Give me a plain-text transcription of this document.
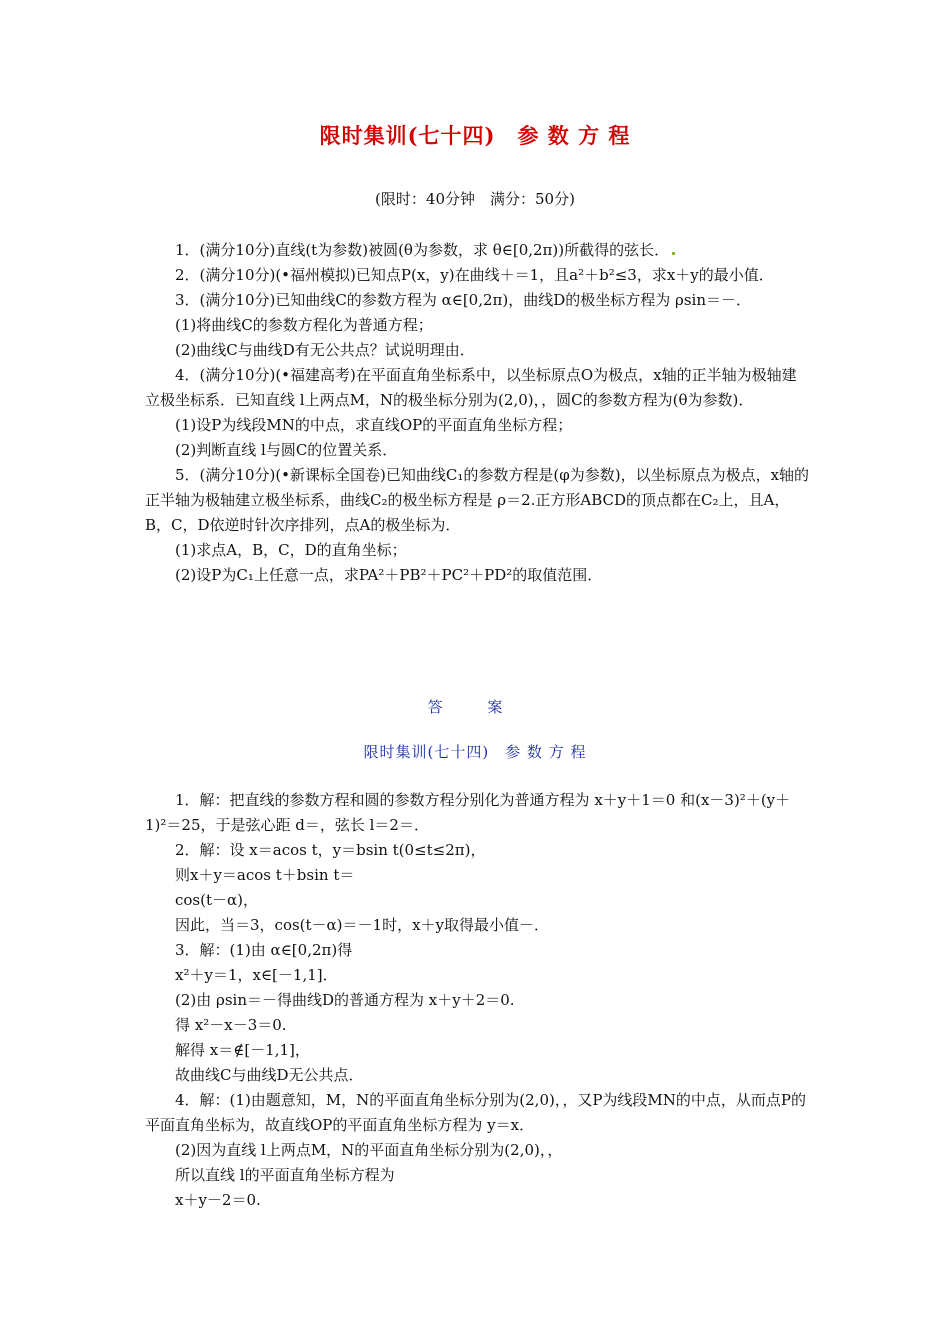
限时集训(七十四)　参 数 方 程
(限时：40分钟　满分：50分)

1．(满分10分)直线(t为参数)被圆(θ为参数，求 θ∈[0,2π))所截得的弦长．

2．(满分10分)(•福州模拟)已知点P(x，y)在曲线＋＝1，且a²＋b²≤3，求x＋y的最小值．

3．(满分10分)已知曲线C的参数方程为 α∈[0,2π)，曲线D的极坐标方程为 ρsin＝－．

(1)将曲线C的参数方程化为普通方程；

(2)曲线C与曲线D有无公共点？试说明理由．

4．(满分10分)(•福建高考)在平面直角坐标系中，以坐标原点O为极点，x轴的正半轴为极轴建立极坐标系．已知直线 l上两点M，N的极坐标分别为(2,0)，，圆C的参数方程为(θ为参数)．

(1)设P为线段MN的中点，求直线OP的平面直角坐标方程；

(2)判断直线 l与圆C的位置关系．

5．(满分10分)(•新课标全国卷)已知曲线C₁的参数方程是(φ为参数)，以坐标原点为极点，x轴的正半轴为极轴建立极坐标系，曲线C₂的极坐标方程是 ρ＝2.正方形ABCD的顶点都在C₂上，且A，B，C，D依逆时针次序排列，点A的极坐标为．

(1)求点A，B，C，D的直角坐标；

(2)设P为C₁上任意一点，求PA²＋PB²＋PC²＋PD²的取值范围．

答 案
限时集训(七十四)　参 数 方 程

1．解：把直线的参数方程和圆的参数方程分别化为普通方程为 x＋y＋1＝0 和(x－3)²＋(y＋1)²＝25，于是弦心距 d＝，弦长 l＝2＝．

2．解：设 x＝acos t，y＝bsin t(0≤t≤2π)，

则x＋y＝acos t＋bsin t＝

cos(t－α)，

因此，当＝3，cos(t－α)＝－1时，x＋y取得最小值－．

3．解：(1)由 α∈[0,2π)得

x²＋y＝1，x∈[－1,1]．

(2)由 ρsin＝－得曲线D的普通方程为 x＋y＋2＝0.

得 x²－x－3＝0.

解得 x＝∉[－1,1]，

故曲线C与曲线D无公共点．

4．解：(1)由题意知，M，N的平面直角坐标分别为(2,0)，，又P为线段MN的中点，从而点P的平面直角坐标为，故直线OP的平面直角坐标方程为 y＝x．

(2)因为直线 l上两点M，N的平面直角坐标分别为(2,0)，，

所以直线 l的平面直角坐标方程为

x＋y－2＝0.
